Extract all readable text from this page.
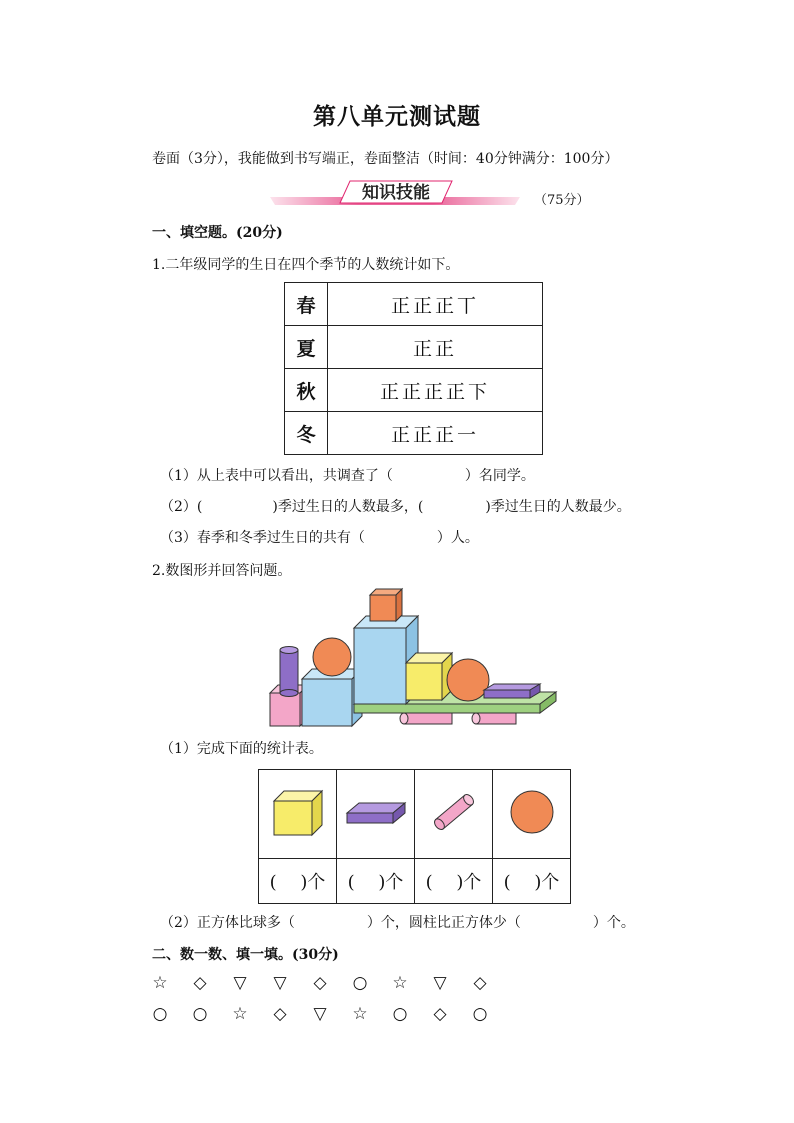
第八单元测试题
卷面（3分），我能做到书写端正，卷面整洁（时间：40分钟满分：100分）
知识技能	（75分）
一、填空题。(20分)
1.二年级同学的生日在四个季节的人数统计如下。
春	正正正丅
夏	正正
秋	正正正正下
冬	正正正一
（1）从上表中可以看出，共调查了（	）名同学。
（2）(	)季过生日的人数最多，(	)季过生日的人数最少。
（3）春季和冬季过生日的共有（	）人。
2.数图形并回答问题。
（1）完成下面的统计表。

(　 )个	(　 )个	(　 )个	(　 )个
（2）正方体比球多（	）个，圆柱比正方体少（	）个。
二、数一数、填一填。(30分)
☆ ◇ ▽ ▽ ◇ ○ ☆ ▽ ◇
○ ○ ☆ ◇ ▽ ☆ ○ ◇ ○
